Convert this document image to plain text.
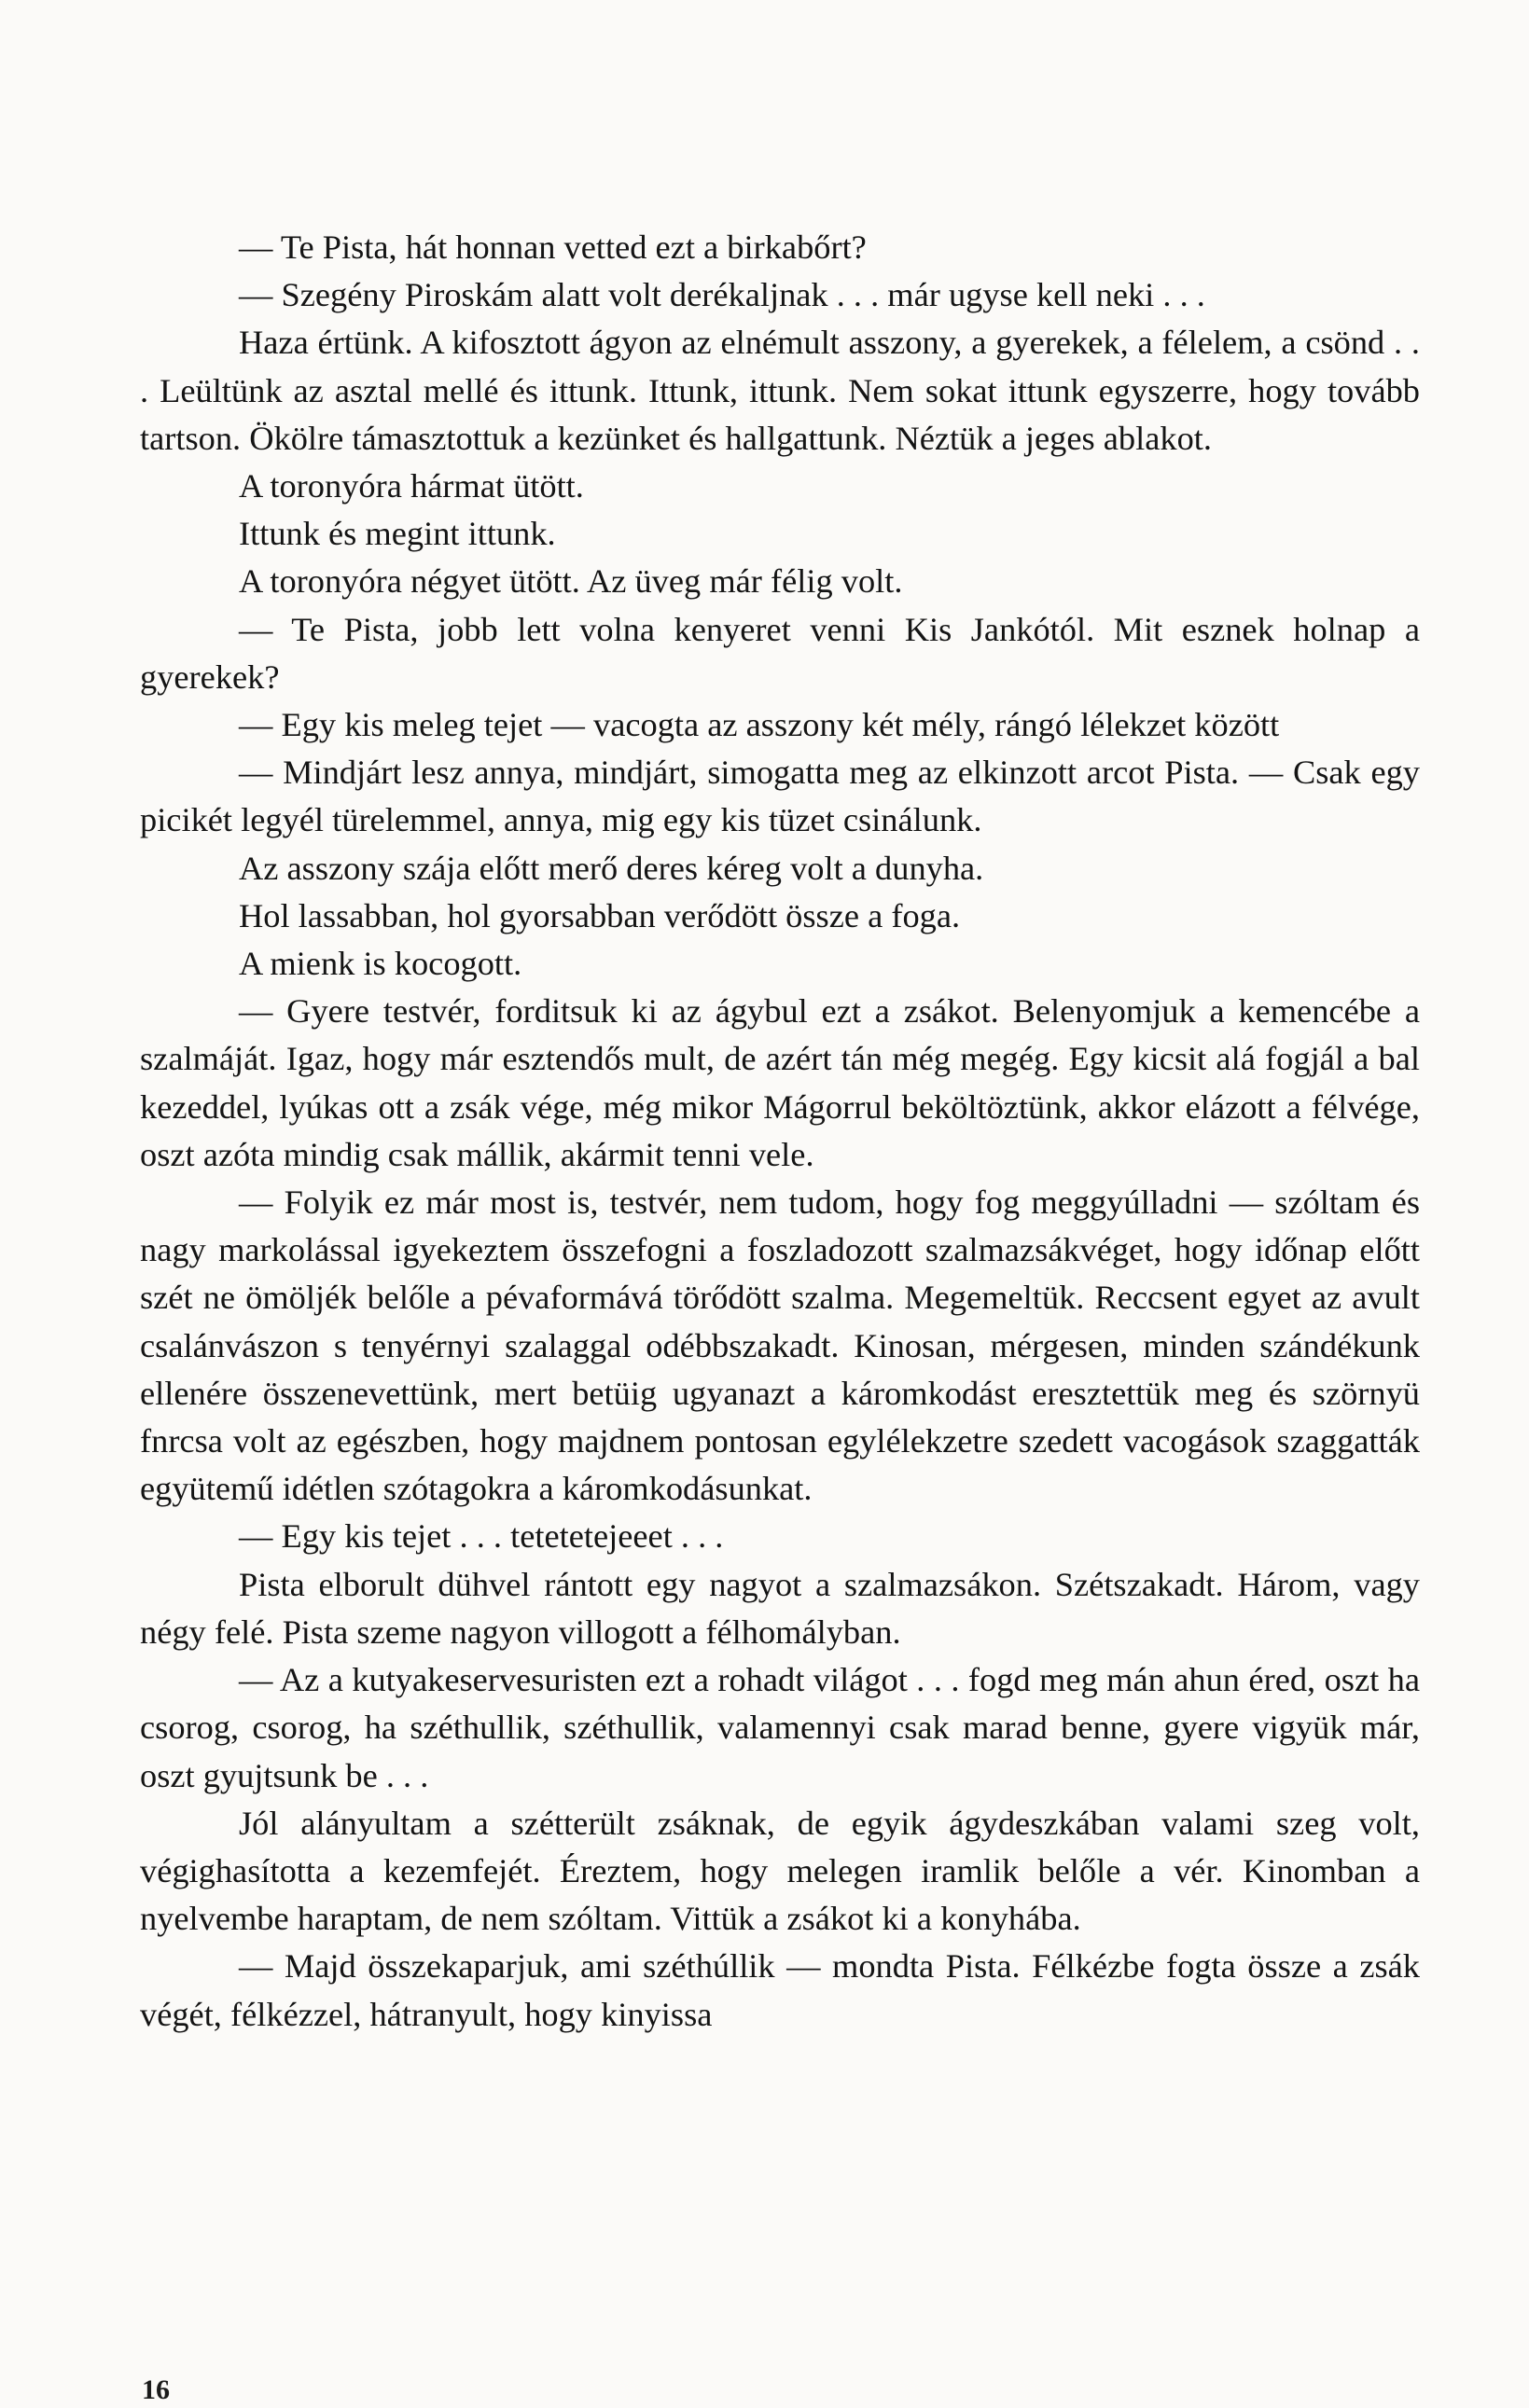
— Te Pista, hát honnan vetted ezt a birkabőrt?

— Szegény Piroskám alatt volt derékaljnak . . . már ugyse kell neki . . .

Haza értünk. A kifosztott ágyon az elnémult asszony, a gyerekek, a félelem, a csönd . . . Leültünk az asztal mellé és ittunk. Ittunk, ittunk. Nem sokat ittunk egyszerre, hogy tovább tartson. Ökölre támasztottuk a kezünket és hallgattunk. Néztük a jeges ablakot.

A toronyóra hármat ütött.

Ittunk és megint ittunk.

A toronyóra négyet ütött. Az üveg már félig volt.

— Te Pista, jobb lett volna kenyeret venni Kis Jankótól. Mit esznek holnap a gyerekek?

— Egy kis meleg tejet — vacogta az asszony két mély, rángó lélekzet között

— Mindjárt lesz annya, mindjárt, simogatta meg az elkinzott arcot Pista. — Csak egy picikét legyél türelemmel, annya, mig egy kis tüzet csinálunk.

Az asszony szája előtt merő deres kéreg volt a dunyha.

Hol lassabban, hol gyorsabban verődött össze a foga.

A mienk is kocogott.

— Gyere testvér, forditsuk ki az ágybul ezt a zsákot. Belenyomjuk a kemencébe a szalmáját. Igaz, hogy már esztendős mult, de azért tán még megég. Egy kicsit alá fogjál a bal kezeddel, lyúkas ott a zsák vége, még mikor Mágorrul beköltöztünk, akkor elázott a félvége, oszt azóta mindig csak mállik, akármit tenni vele.

— Folyik ez már most is, testvér, nem tudom, hogy fog meggyúlladni — szóltam és nagy markolással igyekeztem összefogni a foszladozott szalmazsákvéget, hogy időnap előtt szét ne ömöljék belőle a pévaformává törődött szalma. Megemeltük. Reccsent egyet az avult csalánvászon s tenyérnyi szalaggal odébbszakadt. Kinosan, mérgesen, minden szándékunk ellenére összenevettünk, mert betüig ugyanazt a káromkodást eresztettük meg és szörnyü fnrcsa volt az egészben, hogy majdnem pontosan egylélekzetre szedett vacogások szaggatták együtemű idétlen szótagokra a káromkodásunkat.

— Egy kis tejet . . . tetetetejeeet . . .

Pista elborult dühvel rántott egy nagyot a szalmazsákon. Szétszakadt. Három, vagy négy felé. Pista szeme nagyon villogott a félhomályban.

— Az a kutyakeservesuristen ezt a rohadt világot . . . fogd meg mán ahun éred, oszt ha csorog, csorog, ha széthullik, széthullik, valamennyi csak marad benne, gyere vigyük már, oszt gyujtsunk be . . .

Jól alányultam a szétterült zsáknak, de egyik ágydeszkában valami szeg volt, végighasította a kezemfejét. Éreztem, hogy melegen iramlik belőle a vér. Kinomban a nyelvembe haraptam, de nem szóltam. Vittük a zsákot ki a konyhába.

— Majd összekaparjuk, ami széthúllik — mondta Pista. Félkézbe fogta össze a zsák végét, félkézzel, hátranyult, hogy kinyissa

16
